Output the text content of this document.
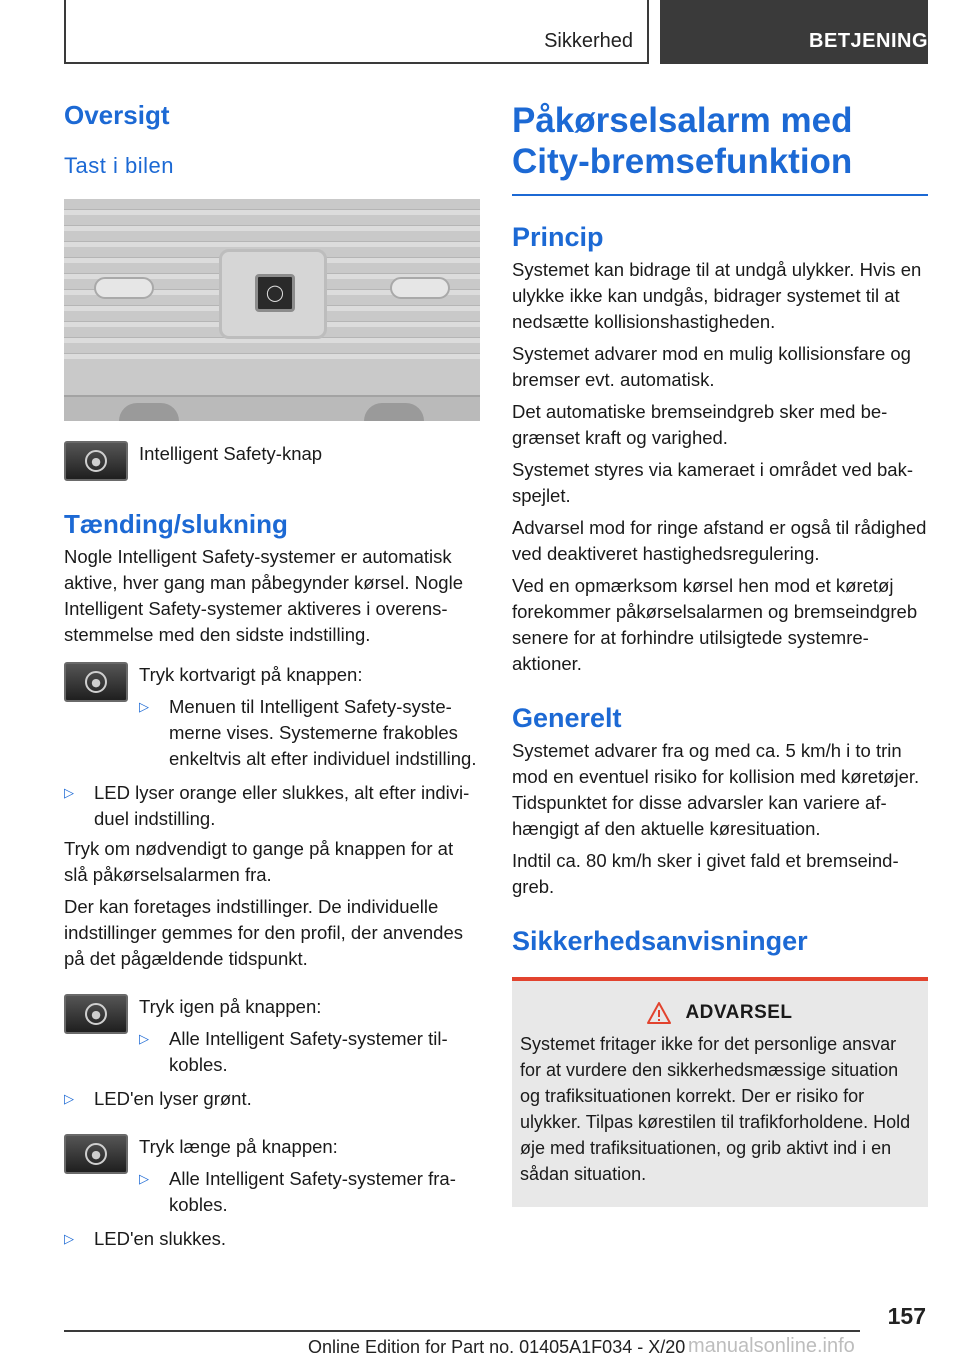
Sikkerhed	BETJENING
Oversigt
Tast i bilen
◯
●	Intelligent Safety-knap
Tænding/slukning

Nogle Intelligent Safety-systemer er automatisk aktive, hver gang man påbegynder kørsel. Nogle Intelligent Safety-systemer aktiveres i overensstemmelse med den sidste indstilling.

●	Tryk kortvarigt på knappen:
▷ Menuen til Intelligent Safety-systemerne vises. Systemerne frakobles enkeltvis alt efter individuel indstilling.
▷ LED lyser orange eller slukkes, alt efter individuel indstilling.

Tryk om nødvendigt to gange på knappen for at slå påkørselsalarmen fra.

Der kan foretages indstillinger. De individuelle indstillinger gemmes for den profil, der anvendes på det pågældende tidspunkt.

●	Tryk igen på knappen:
▷ Alle Intelligent Safety-systemer tilkobles.
▷ LED'en lyser grønt.
●	Tryk længe på knappen:
▷ Alle Intelligent Safety-systemer frakobles.
▷ LED'en slukkes.
Påkørselsalarm med City-bremsefunktion
Princip

Systemet kan bidrage til at undgå ulykker. Hvis en ulykke ikke kan undgås, bidrager systemet til at nedsætte kollisionshastigheden.

Systemet advarer mod en mulig kollisionsfare og bremser evt. automatisk.

Det automatiske bremseindgreb sker med begrænset kraft og varighed.

Systemet styres via kameraet i området ved bakspejlet.

Advarsel mod for ringe afstand er også til rådighed ved deaktiveret hastighedsregulering.

Ved en opmærksom kørsel hen mod et køretøj forekommer påkørselsalarmen og bremseindgreb senere for at forhindre utilsigtede systemreaktioner.

Generelt

Systemet advarer fra og med ca. 5 km/h i to trin mod en eventuel risiko for kollision med køretøjer. Tidspunktet for disse advarsler kan variere afhængigt af den aktuelle køresituation.

Indtil ca. 80 km/h sker i givet fald et bremseindgreb.

Sikkerhedsanvisninger
ADVARSEL

Systemet fritager ikke for det personlige ansvar for at vurdere den sikkerhedsmæssige situation og trafiksituationen korrekt. Der er risiko for ulykker. Tilpas kørestilen til trafikforholdene. Hold øje med trafiksituationen, og grib aktivt ind i en sådan situation.

157
Online Edition for Part no. 01405A1F034 - X/20 manualsonline.info
